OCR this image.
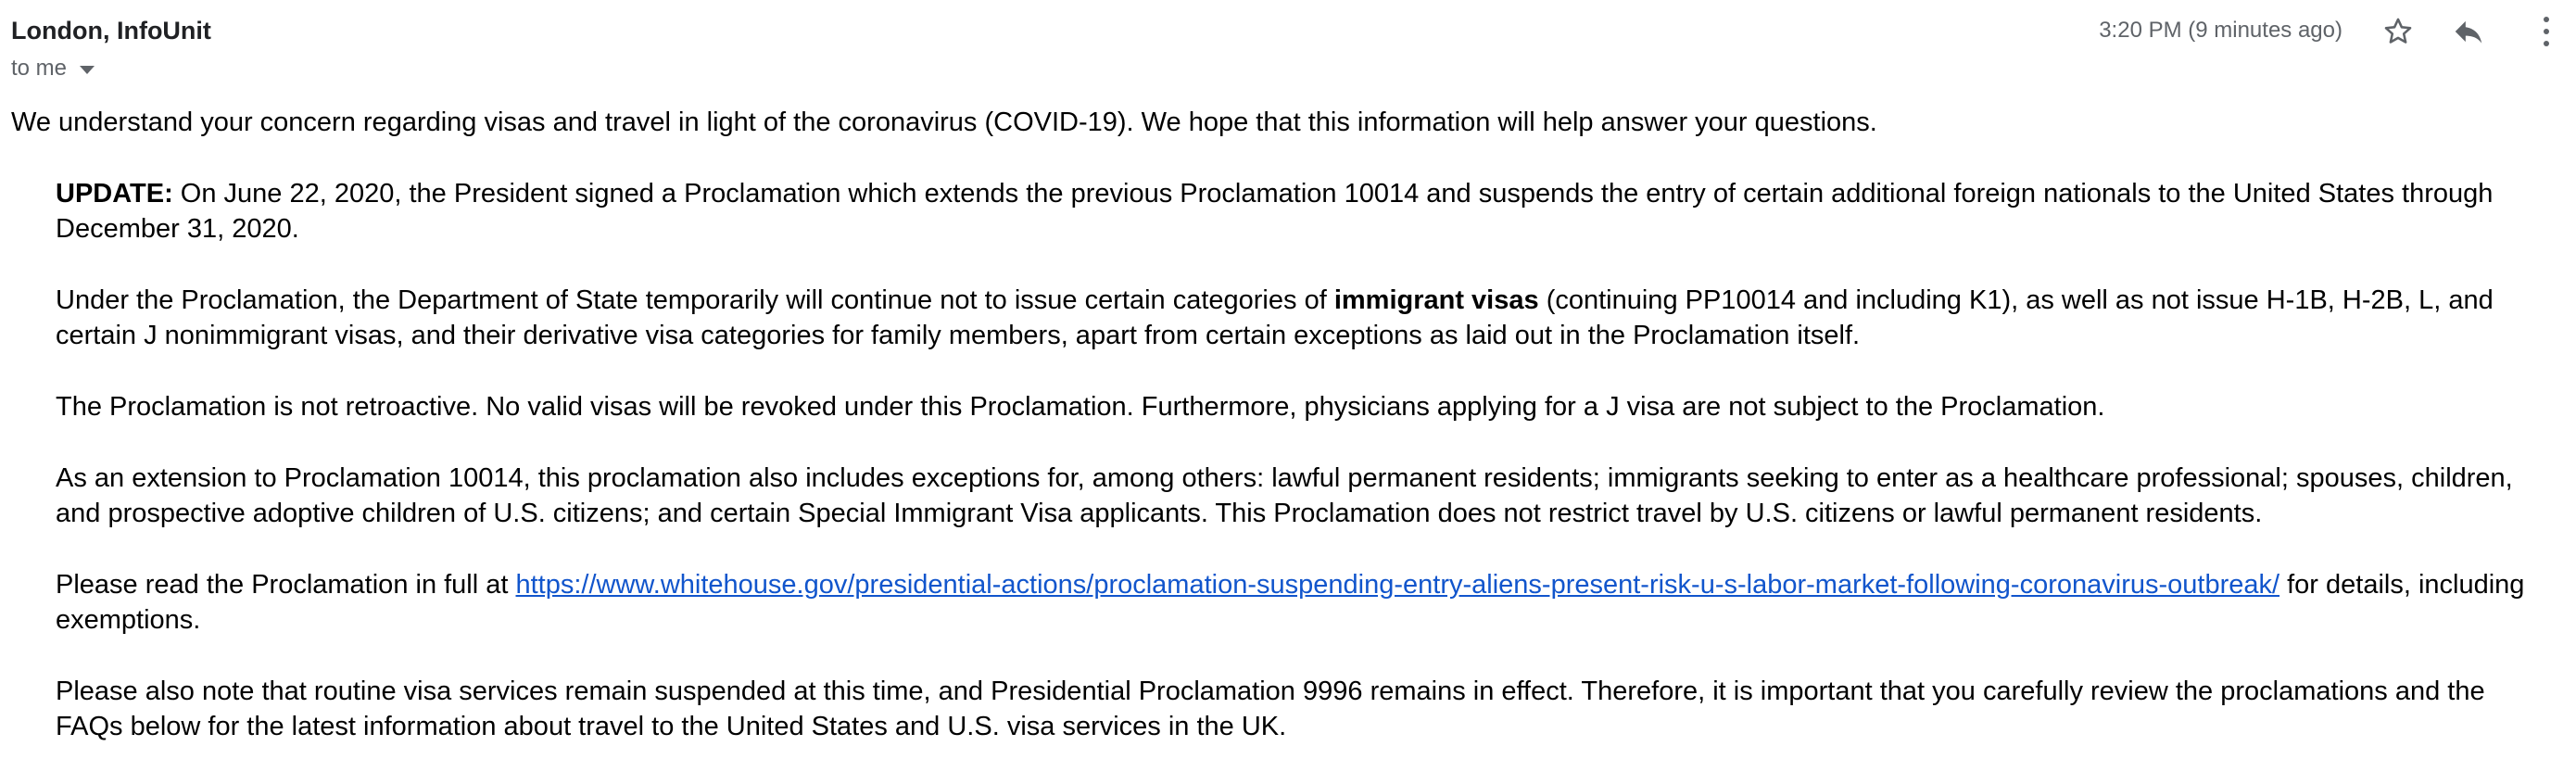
London, InfoUnit
to me
3:20 PM (9 minutes ago)

We understand your concern regarding visas and travel in light of the coronavirus (COVID-19). We hope that this information will help answer your questions.

UPDATE: On June 22, 2020, the President signed a Proclamation which extends the previous Proclamation 10014 and suspends the entry of certain additional foreign nationals to the United States through December 31, 2020.

Under the Proclamation, the Department of State temporarily will continue not to issue certain categories of immigrant visas (continuing PP10014 and including K1), as well as not issue H-1B, H-2B, L, and certain J nonimmigrant visas, and their derivative visa categories for family members, apart from certain exceptions as laid out in the Proclamation itself.

The Proclamation is not retroactive. No valid visas will be revoked under this Proclamation. Furthermore, physicians applying for a J visa are not subject to the Proclamation.

As an extension to Proclamation 10014, this proclamation also includes exceptions for, among others: lawful permanent residents; immigrants seeking to enter as a healthcare professional; spouses, children, and prospective adoptive children of U.S. citizens; and certain Special Immigrant Visa applicants. This Proclamation does not restrict travel by U.S. citizens or lawful permanent residents.

Please read the Proclamation in full at https://www.whitehouse.gov/presidential-actions/proclamation-suspending-entry-aliens-present-risk-u-s-labor-market-following-coronavirus-outbreak/ for details, including exemptions.

Please also note that routine visa services remain suspended at this time, and Presidential Proclamation 9996 remains in effect. Therefore, it is important that you carefully review the proclamations and the FAQs below for the latest information about travel to the United States and U.S. visa services in the UK.
